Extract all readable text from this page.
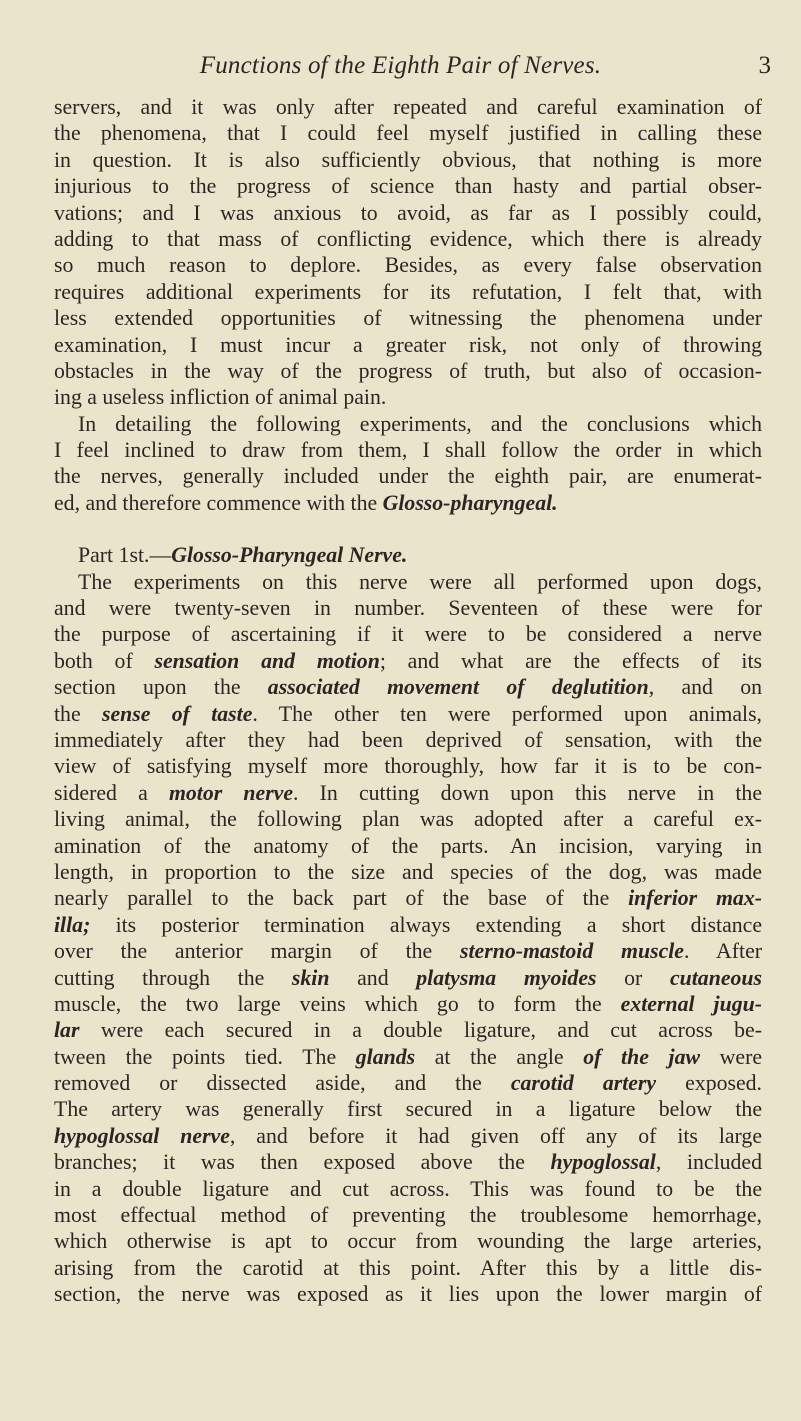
Functions of the Eighth Pair of Nerves.	3
servers, and it was only after repeated and careful examination of
the phenomena, that I could feel myself justified in calling these
in question. It is also sufficiently obvious, that nothing is more
injurious to the progress of science than hasty and partial obser-
vations; and I was anxious to avoid, as far as I possibly could,
adding to that mass of conflicting evidence, which there is already
so much reason to deplore. Besides, as every false observation
requires additional experiments for its refutation, I felt that, with
less extended opportunities of witnessing the phenomena under
examination, I must incur a greater risk, not only of throwing
obstacles in the way of the progress of truth, but also of occasion-
ing a useless infliction of animal pain.
In detailing the following experiments, and the conclusions which
I feel inclined to draw from them, I shall follow the order in which
the nerves, generally included under the eighth pair, are enumerat-
ed, and therefore commence with the Glosso-pharyngeal.
Part 1st.—Glosso-Pharyngeal Nerve.
The experiments on this nerve were all performed upon dogs,
and were twenty-seven in number. Seventeen of these were for
the purpose of ascertaining if it were to be considered a nerve
both of sensation and motion; and what are the effects of its
section upon the associated movement of deglutition, and on
the sense of taste. The other ten were performed upon animals,
immediately after they had been deprived of sensation, with the
view of satisfying myself more thoroughly, how far it is to be con-
sidered a motor nerve. In cutting down upon this nerve in the
living animal, the following plan was adopted after a careful ex-
amination of the anatomy of the parts. An incision, varying in
length, in proportion to the size and species of the dog, was made
nearly parallel to the back part of the base of the inferior max-
illa; its posterior termination always extending a short distance
over the anterior margin of the sterno-mastoid muscle. After
cutting through the skin and platysma myoides or cutaneous
muscle, the two large veins which go to form the external jugu-
lar were each secured in a double ligature, and cut across be-
tween the points tied. The glands at the angle of the jaw were
removed or dissected aside, and the carotid artery exposed.
The artery was generally first secured in a ligature below the
hypoglossal nerve, and before it had given off any of its large
branches; it was then exposed above the hypoglossal, included
in a double ligature and cut across. This was found to be the
most effectual method of preventing the troublesome hemorrhage,
which otherwise is apt to occur from wounding the large arteries,
arising from the carotid at this point. After this by a little dis-
section, the nerve was exposed as it lies upon the lower margin of
